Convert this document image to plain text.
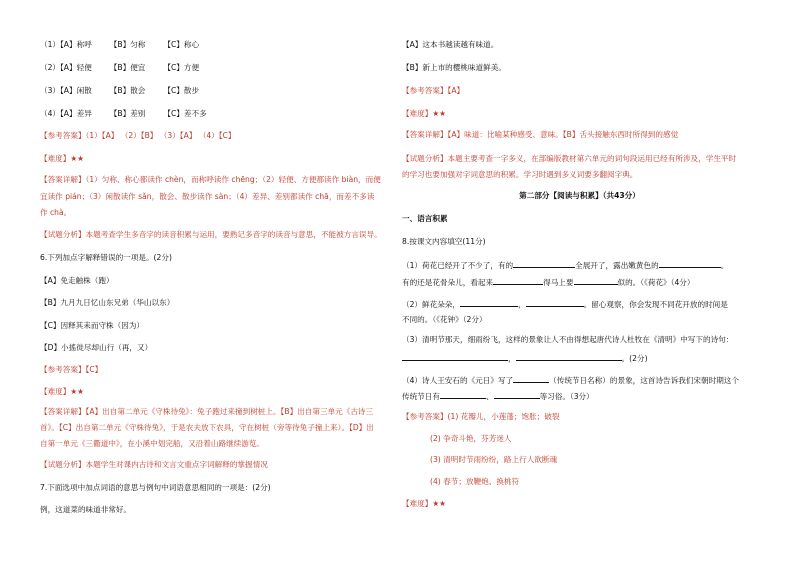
（1）【A】称呼 【B】匀称 【C】称心
（2）【A】轻便 【B】便宜 【C】方便
（3）【A】闲散 【B】散会 【C】散步
（4）【A】差异 【B】差别 【C】差不多
【参考答案】（1）【A】 （2）【B】 （3）【A】 （4）【C】
【难度】★★
【答案详解】（1）匀称、称心都读作 chèn，而称呼读作 chēng；（2）轻便、方便都读作 biàn，而便
宜读作 pián；（3）闲散读作 sǎn，散会、散步读作 sàn；（4）差异、差别都读作 chā，而差不多读
作 chà。
【试题分析】本题考查学生多音字的读音积累与运用，要熟记多音字的读音与意思，不能被方言误导。
6.下列加点字解释错误的一项是。(2分)
【A】免走触株（跑）
【B】九月九日忆山东兄弟（华山以东）
【C】因释其耒而守株（因为）
【D】小搖徙尽却山行（再，又）
【参考答案】【C】
【难度】★★
【答案详解】【A】出自第二单元《守株待兔》：兔子跑过来撞到树桩上。【B】出自第三单元《古诗三
首》。【C】出自第二单元《守株待兔》，于是农夫放下农具，守在树桩（旁等待兔子撞上来）。【D】出
自第一单元《三衢道中》，在小溪中划完船，又沿着山路继续游览。
【试题分析】本题学生对课内古诗和文言文重点字词解释的掌握情况
7.下面选项中加点词语的意思与例句中词语意思相同的一项是：(2分)
例，这道菜的味道非常好。
【A】这本书越读越有味道。
【B】新上市的樱桃味道鲜美。
【参考答案】【A】
【难度】★★
【答案详解】【A】味道：比喻某种感受、意味。【B】舌头接触东西时所得到的感觉
【试题分析】本题主要考查一字多义，在部编版教材第六单元的词句段运用已经有所涉及，学生平时
的学习也要加强对字词意思的积累。学习时遇到多义词要多翻阅字典。
第二部分【阅读与积累】（共43分）
一、语言积累
8.按课文内容填空(11分)
（1）荷花已经开了不少了，有的	全展开了，露出嫩黄色的	。
有的还是花骨朵儿，看起来	得马上要	似的。（《荷花》（4分）
（2）鲜花朵朵，	，	。留心观察，你会发现不同花开放的时间是
不同的。（《花钟》（2分）
（3）清明节那天，细雨纷飞，这样的景象让人不由得想起唐代诗人杜牧在《清明》中写下的诗句：
，	。(2分)
（4）诗人王安石的《元日》写了	（传统节日名称）的景象，这首诗告诉我们宋朝时期这个
传统节日有	、	等习俗。（3分）
【参考答案】(1) 花瓣儿，小莲蓬；饱胀；破裂
(2) 争奇斗艳，芬芳迷人
(3) 清明时节雨纷纷，路上行人欲断魂
(4) 春节；放鞭炮、换桃符
【难度】★★
